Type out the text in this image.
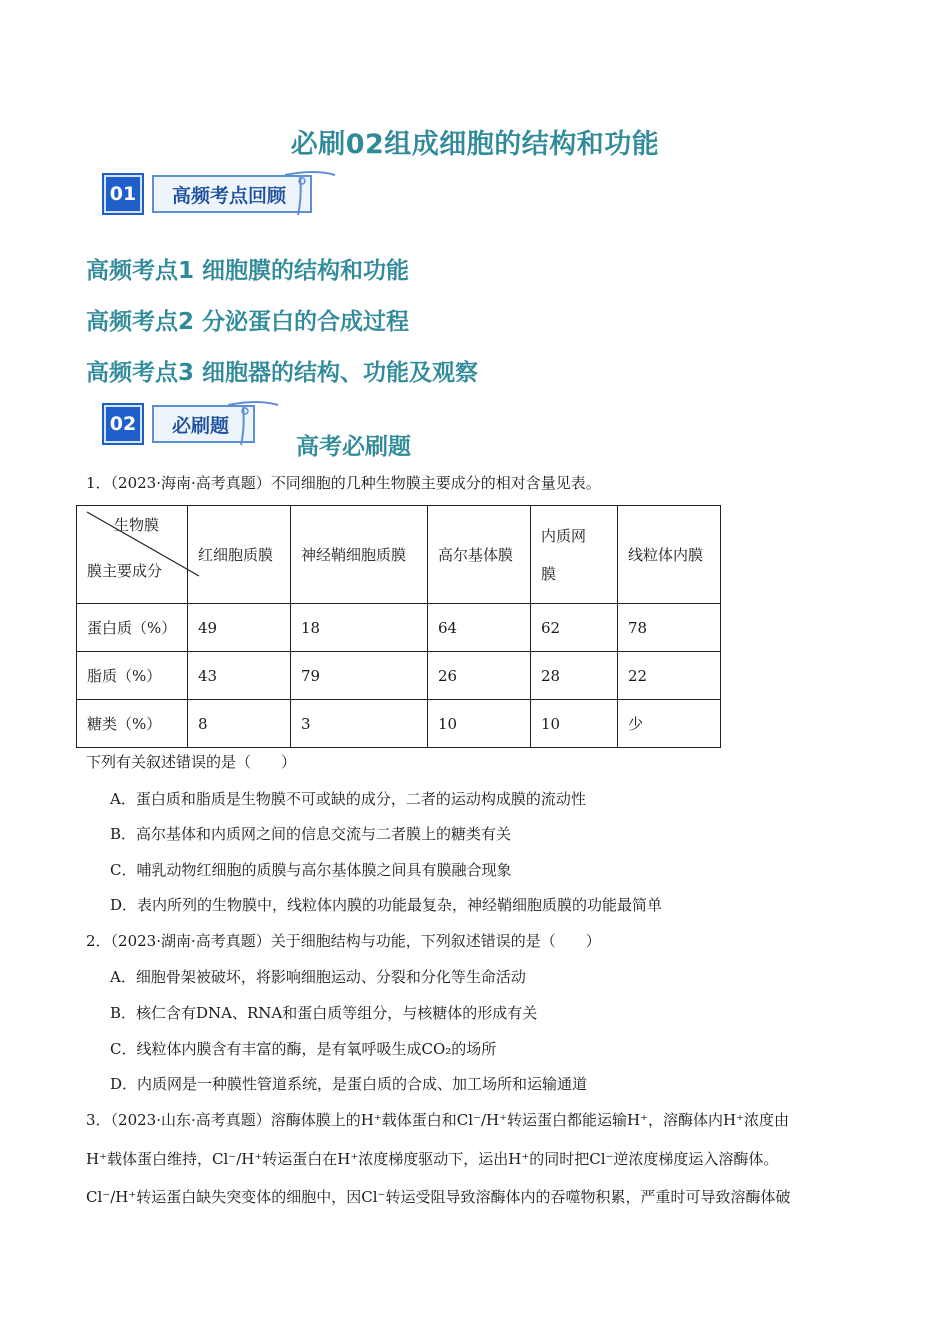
必刷02组成细胞的结构和功能
01	高频考点回顾
高频考点1 细胞膜的结构和功能
高频考点2 分泌蛋白的合成过程
高频考点3 细胞器的结构、功能及观察
02	必刷题
高考必刷题
1．（2023·海南·高考真题）不同细胞的几种生物膜主要成分的相对含量见表。
生物膜
膜主要成分	红细胞质膜	神经鞘细胞质膜	高尔基体膜	内质网膜	线粒体内膜
蛋白质（%）	49	18	64	62	78
脂质（%）	43	79	26	28	22
糖类（%）	8	3	10	10	少
下列有关叙述错误的是（　　）
A．蛋白质和脂质是生物膜不可或缺的成分，二者的运动构成膜的流动性
B．高尔基体和内质网之间的信息交流与二者膜上的糖类有关
C．哺乳动物红细胞的质膜与高尔基体膜之间具有膜融合现象
D．表内所列的生物膜中，线粒体内膜的功能最复杂，神经鞘细胞质膜的功能最简单
2．（2023·湖南·高考真题）关于细胞结构与功能，下列叙述错误的是（　　）
A．细胞骨架被破坏，将影响细胞运动、分裂和分化等生命活动
B．核仁含有DNA、RNA和蛋白质等组分，与核糖体的形成有关
C．线粒体内膜含有丰富的酶，是有氧呼吸生成CO₂的场所
D．内质网是一种膜性管道系统，是蛋白质的合成、加工场所和运输通道
3．（2023·山东·高考真题）溶酶体膜上的H⁺载体蛋白和Cl⁻/H⁺转运蛋白都能运输H⁺，溶酶体内H⁺浓度由
H⁺载体蛋白维持，Cl⁻/H⁺转运蛋白在H⁺浓度梯度驱动下，运出H⁺的同时把Cl⁻逆浓度梯度运入溶酶体。
Cl⁻/H⁺转运蛋白缺失突变体的细胞中，因Cl⁻转运受阻导致溶酶体内的吞噬物积累，严重时可导致溶酶体破
